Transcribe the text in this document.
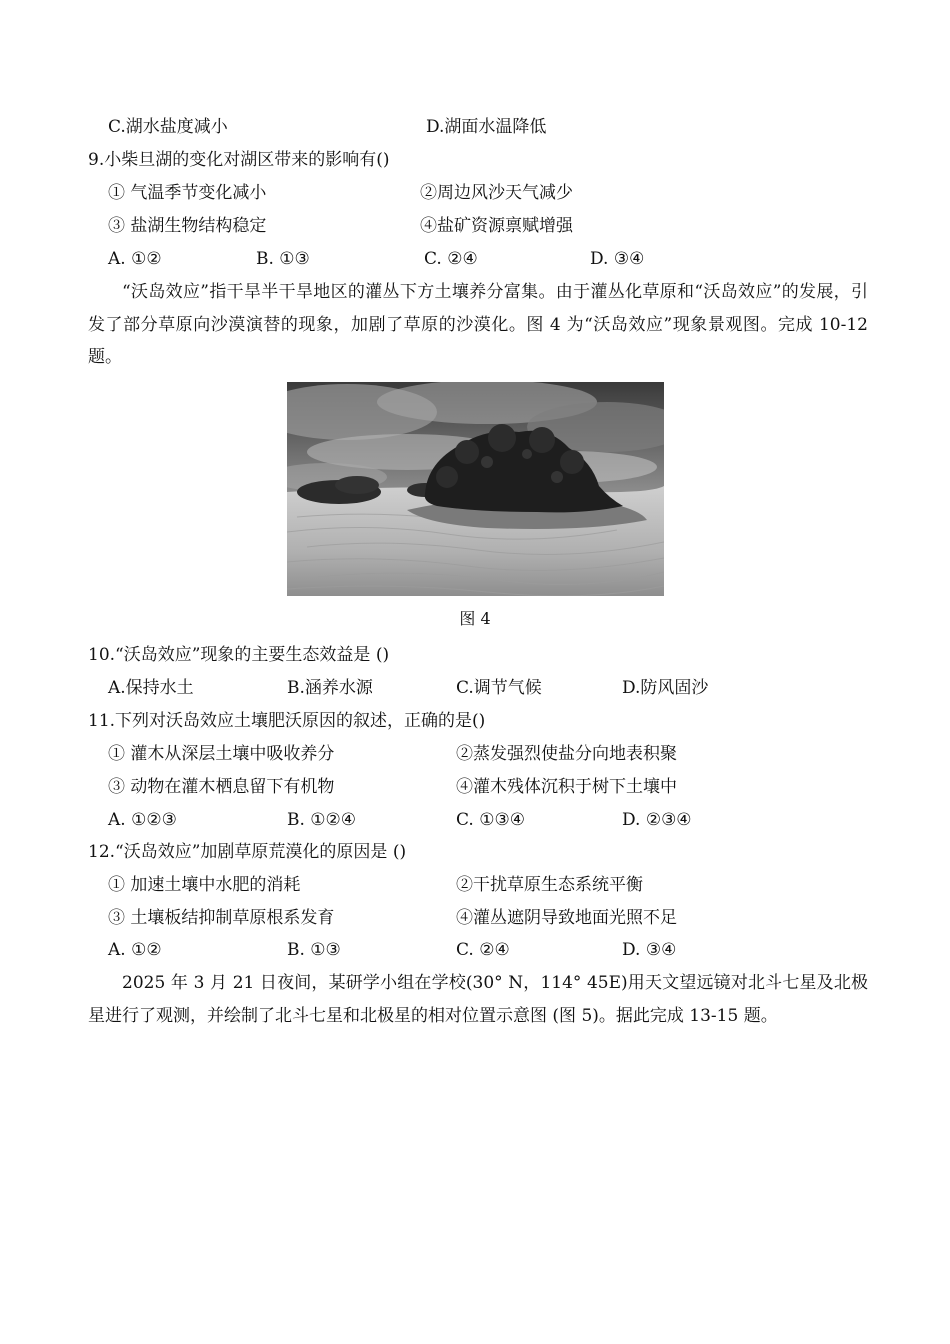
C.湖水盐度减小	D.湖面水温降低
9.小柴旦湖的变化对湖区带来的影响有()
① 气温季节变化减小	②周边风沙天气减少
③ 盐湖生物结构稳定	④盐矿资源禀赋增强
A. ①②	B. ①③	C. ②④	D. ③④
“沃岛效应”指干旱半干旱地区的灌丛下方土壤养分富集。由于灌丛化草原和“沃岛效应”的发展，引发了部分草原向沙漠演替的现象，加剧了草原的沙漠化。图 4 为“沃岛效应”现象景观图。完成 10-12 题。
图 4
10.“沃岛效应”现象的主要生态效益是 ()
A.保持水土	B.涵养水源	C.调节气候	D.防风固沙
11.下列对沃岛效应土壤肥沃原因的叙述，正确的是()
① 灌木从深层土壤中吸收养分	②蒸发强烈使盐分向地表积聚
③ 动物在灌木栖息留下有机物	④灌木残体沉积于树下土壤中
A. ①②③	B. ①②④	C. ①③④	D. ②③④
12.“沃岛效应”加剧草原荒漠化的原因是 ()
① 加速土壤中水肥的消耗	②干扰草原生态系统平衡
③ 土壤板结抑制草原根系发育	④灌丛遮阴导致地面光照不足
A. ①②	B. ①③	C. ②④	D. ③④
2025 年 3 月 21 日夜间，某研学小组在学校(30° N，114° 45E)用天文望远镜对北斗七星及北极星进行了观测，并绘制了北斗七星和北极星的相对位置示意图 (图 5)。据此完成 13-15 题。
